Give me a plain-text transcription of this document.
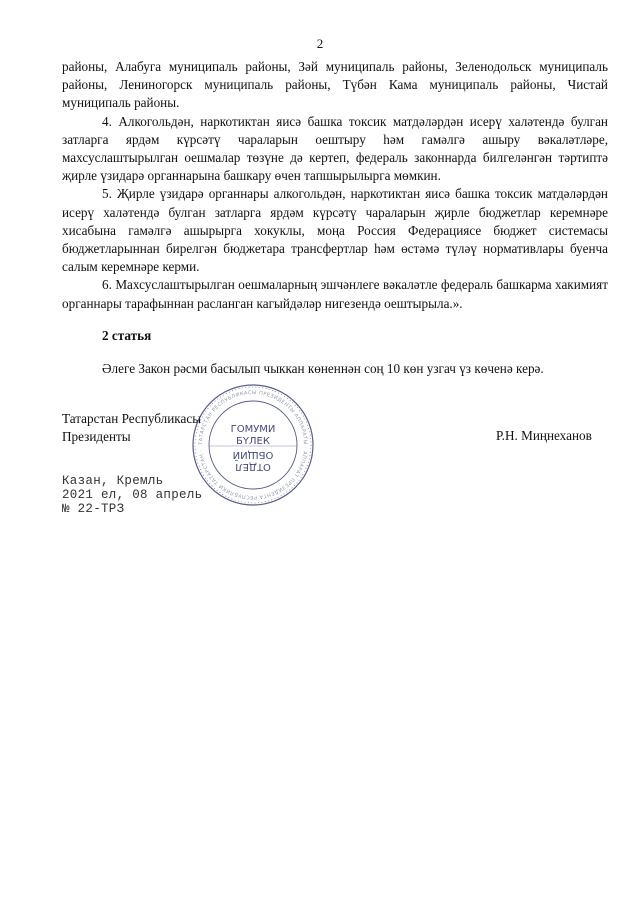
2

районы, Алабуга муниципаль районы, Зәй муниципаль районы, Зеленодольск муниципаль районы, Лениногорск муниципаль районы, Түбән Кама муниципаль районы, Чистай муниципаль районы.

4. Алкогольдән, наркотиктан яисә башка токсик матдәләрдән исерү халәтендә булган затларга ярдәм күрсәтү чараларын оештыру һәм гамәлгә ашыру вәкаләтләре, махсуслаштырылган оешмалар төзүне дә кертеп, федераль законнарда билгеләнгән тәртиптә җирле үзидарә органнарына башкару өчен тапшырылырга мөмкин.

5. Җирле үзидарә органнары алкогольдән, наркотиктан яисә башка токсик матдәләрдән исерү халәтендә булган затларга ярдәм күрсәтү чараларын җирле бюджетлар керемнәре хисабына гамәлгә ашырырга хокуклы, моңа Россия Федерациясе бюджет системасы бюджетларыннан бирелгән бюджетара трансфертлар һәм өстәмә түләү нормативлары буенча салым керемнәре керми.

6. Махсуслаштырылган оешмаларның эшчәнлеге вәкаләтле федераль башкарма хакимият органнары тарафыннан расланган кагыйдәләр нигезендә оештырыла.».

2 статья
Әлеге Закон рәсми басылып чыккан көненнән соң 10 көн узгач үз көченә керә.
Татарстан Республикасы
Президенты	Р.Н. Миңнеханов
ТАТАРСТАН РЕСПУБЛИКАСЫ ПРЕЗИДЕНТЫ АППАРАТЫ · АППАРАТ ПРЕЗИДЕНТА РЕСПУБЛИКИ ТАТАРСТАН ·
ГОМУМИ
БҮЛЕК
ОБЩИЙ
ОТДЕЛ
Казан, Кремль
2021 ел, 08 апрель
№ 22-ТРЗ
